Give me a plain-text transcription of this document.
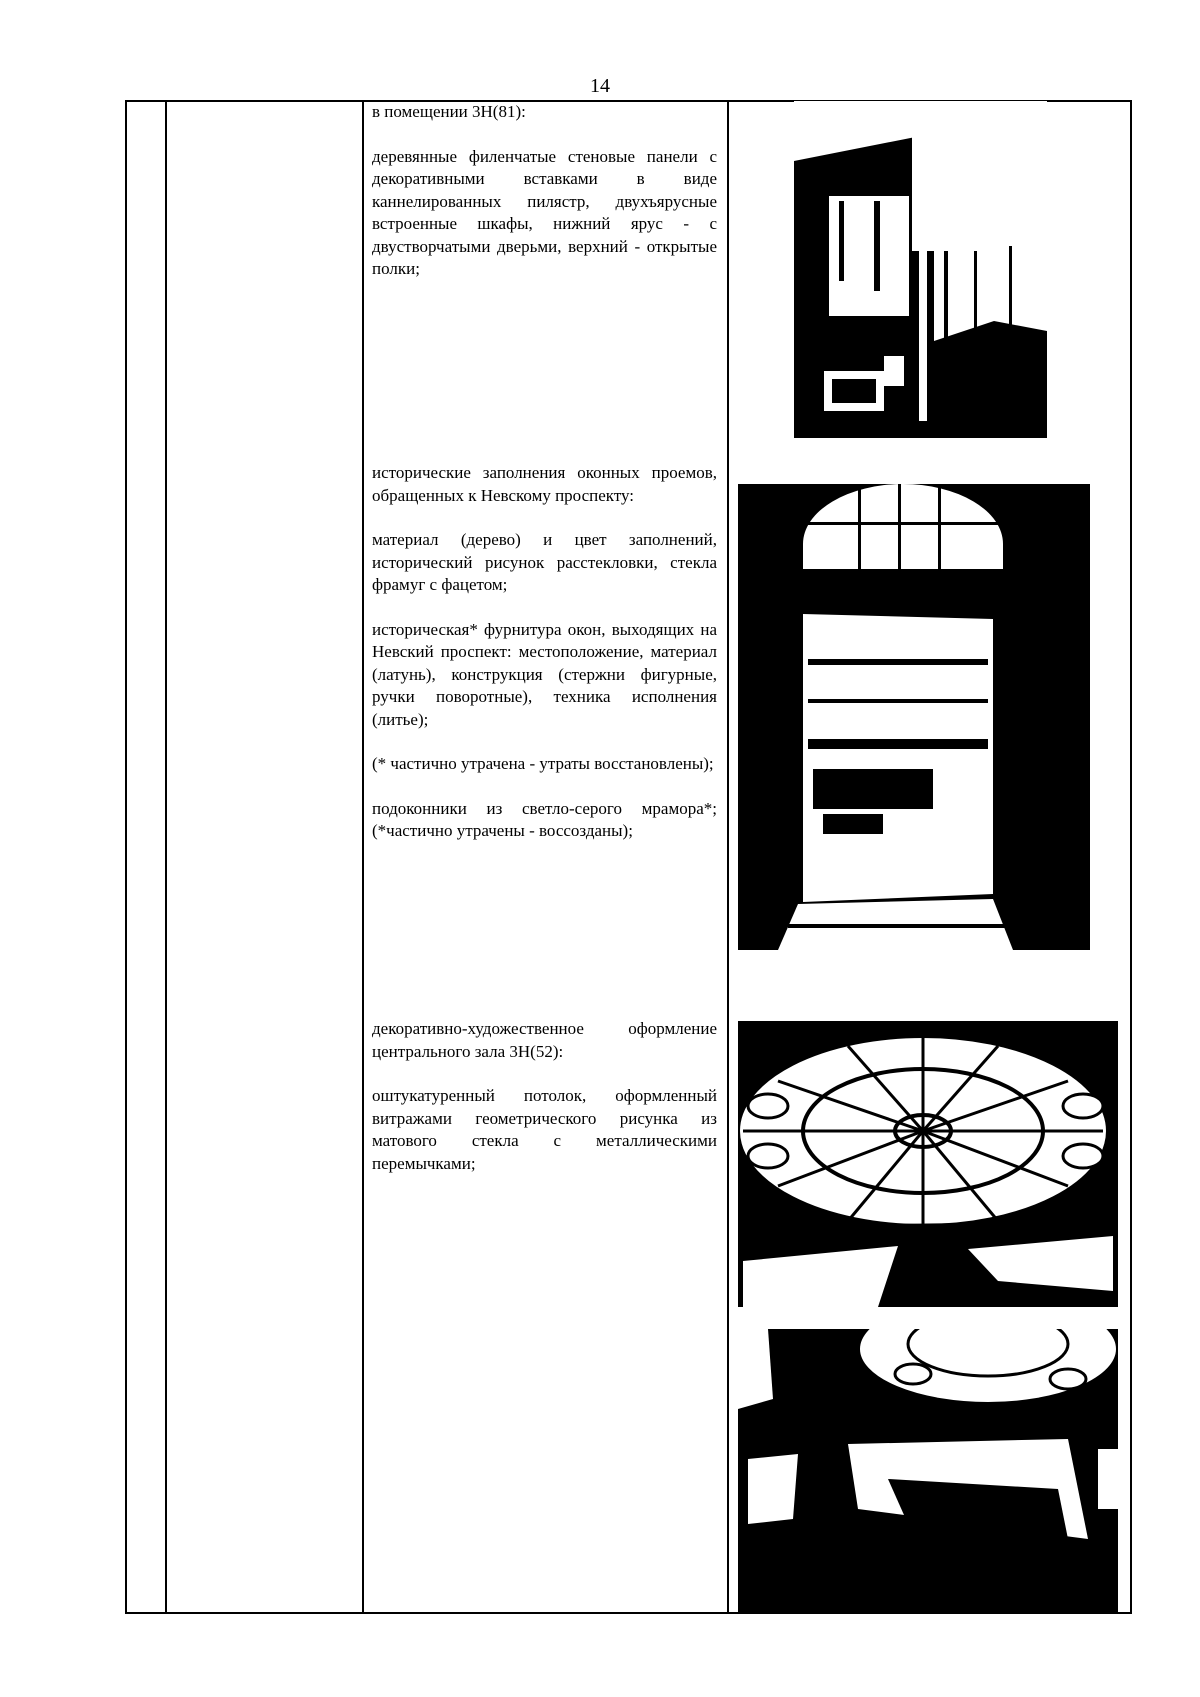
14

в помещении 3Н(81):

деревянные филенчатые стеновые панели с декоративными вставками в виде каннелированных пилястр, двухъярусные встроенные шкафы, нижний ярус - с двустворчатыми дверьми, верхний - открытые полки;

исторические заполнения оконных проемов, обращенных к Невскому проспекту:

материал (дерево) и цвет заполнений, исторический рисунок расстекловки, стекла фрамуг с фацетом;

историческая* фурнитура окон, выходящих на Невский проспект: местоположение, материал (латунь), конструкция (стержни фигурные, ручки поворотные), техника исполнения (литье);

(* частично утрачена - утраты восстановлены);

подоконники из светло-серого мрамора*; (*частично утрачены - воссозданы);

декоративно-художественное оформление центрального зала 3Н(52):

оштукатуренный потолок, оформленный витражами геометрического рисунка из матового стекла с металлическими перемычками;
